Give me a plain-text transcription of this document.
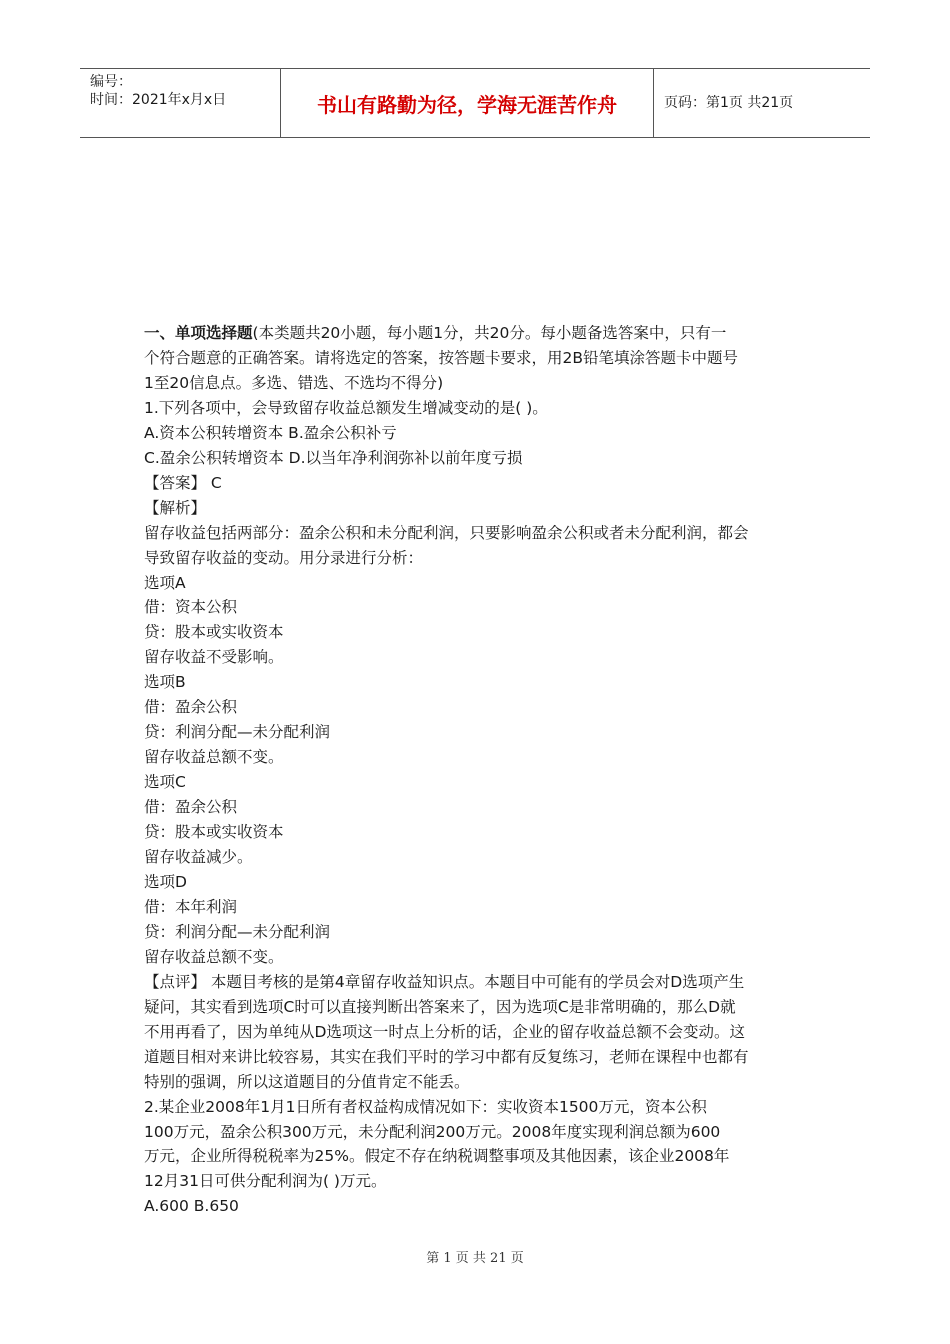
编号：
时间：2021年x月x日	书山有路勤为径，学海无涯苦作舟	页码：第1页 共21页

一、单项选择题(本类题共20小题，每小题1分，共20分。每小题备选答案中，只有一

个符合题意的正确答案。请将选定的答案，按答题卡要求，用2B铅笔填涂答题卡中题号

1至20信息点。多选、错选、不选均不得分)

1.下列各项中，会导致留存收益总额发生增减变动的是( )。

A.资本公积转增资本 B.盈余公积补亏

C.盈余公积转增资本 D.以当年净利润弥补以前年度亏损

【答案】 C

【解析】

留存收益包括两部分：盈余公积和未分配利润，只要影响盈余公积或者未分配利润，都会

导致留存收益的变动。用分录进行分析：

选项A

借：资本公积

贷：股本或实收资本

留存收益不受影响。

选项B

借：盈余公积

贷：利润分配—未分配利润

留存收益总额不变。

选项C

借：盈余公积

贷：股本或实收资本

留存收益减少。

选项D

借：本年利润

贷：利润分配—未分配利润

留存收益总额不变。

【点评】 本题目考核的是第4章留存收益知识点。本题目中可能有的学员会对D选项产生

疑问，其实看到选项C时可以直接判断出答案来了，因为选项C是非常明确的，那么D就

不用再看了，因为单纯从D选项这一时点上分析的话，企业的留存收益总额不会变动。这

道题目相对来讲比较容易，其实在我们平时的学习中都有反复练习，老师在课程中也都有

特别的强调，所以这道题目的分值肯定不能丢。

2.某企业2008年1月1日所有者权益构成情况如下：实收资本1500万元，资本公积

100万元，盈余公积300万元，未分配利润200万元。2008年度实现利润总额为600

万元，企业所得税税率为25%。假定不存在纳税调整事项及其他因素，该企业2008年

12月31日可供分配利润为( )万元。

A.600 B.650

第 1 页 共 21 页
